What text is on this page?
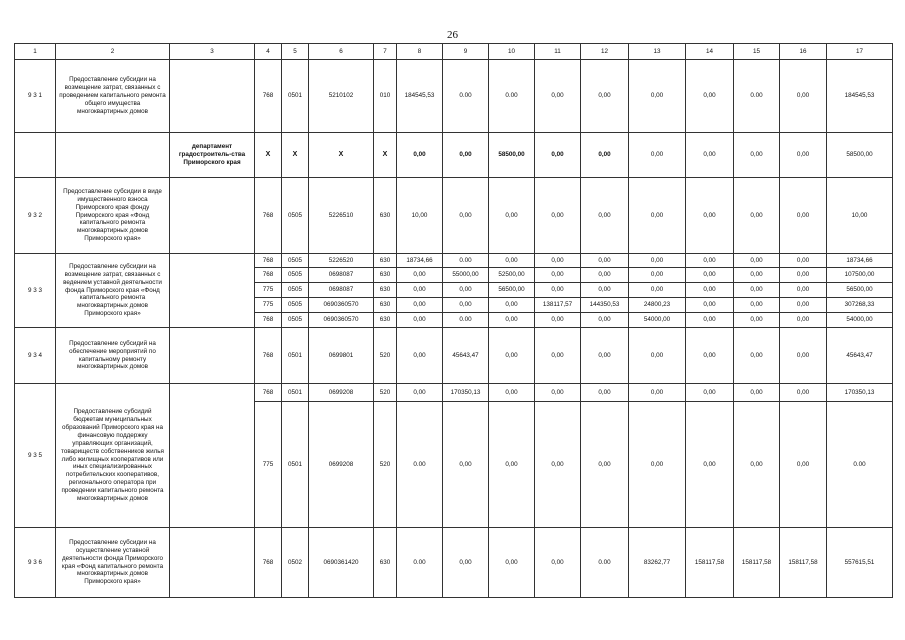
26
1	2	3	4	5	6	7	8	9	10	11	12	13	14	15	16	17
9 3 1	Предоставление субсидии на возмещение затрат, связанных с проведением капитального ремонта общего имущества многоквартирных домов		768	0501	5210102	010	184545,53	0.00	0.00	0,00	0,00	0,00	0,00	0.00	0,00	184545,53
		департамент градостроитель-ства Приморского края	X	X	X	X	0,00	0,00	58500,00	0,00	0,00	0,00	0,00	0,00	0,00	58500,00
9 3 2	Предоставление субсидии в виде имущественного взноса Приморского края фонду Приморского края «Фонд капитального ремонта многоквартирных домов Приморского края»		768	0505	5226510	630	10,00	0,00	0,00	0,00	0,00	0,00	0,00	0,00	0,00	10,00
9 3 3	Предоставление субсидии на возмещение затрат, связанных с ведением уставной деятельности фонда Приморского края «Фонд капитального ремонта многоквартирных домов Приморского края»		768	0505	5226520	630	18734,66	0.00	0,00	0,00	0,00	0,00	0,00	0,00	0,00	18734,66
			768	0505	0698087	630	0,00	55000,00	52500,00	0,00	0,00	0,00	0,00	0,00	0,00	107500,00
			775	0505	0698087	630	0,00	0,00	56500,00	0,00	0,00	0,00	0,00	0,00	0,00	56500,00
			775	0505	0690360570	630	0,00	0,00	0,00	138117,57	144350,53	24800,23	0,00	0,00	0,00	307268,33
			768	0505	0690360570	630	0,00	0.00	0,00	0,00	0,00	54000,00	0,00	0,00	0,00	54000,00
9 3 4	Предоставление субсидий на обеспечение мероприятий по капитальному ремонту многоквартирных домов		768	0501	0699801	520	0,00	45643,47	0,00	0,00	0,00	0,00	0,00	0,00	0,00	45643,47
9 3 5	Предоставление субсидий бюджетам муниципальных образований Приморского края на финансовую поддержку управляющих организаций, товариществ собственников жилья либо жилищных кооперативов или иных специализированных потребительских кооперативов, регионального оператора при проведении капитального ремонта многоквартирных домов		768	0501	0699208	520	0,00	170350,13	0,00	0,00	0,00	0,00	0,00	0,00	0,00	170350,13
			775	0501	0699208	520	0.00	0,00	0,00	0,00	0,00	0,00	0,00	0,00	0,00	0.00
9 3 6	Предоставление субсидии на осуществление уставной деятельности фонда Приморского края «Фонд капитального ремонта многоквартирных домов Приморского края»		768	0502	0690361420	630	0.00	0,00	0,00	0,00	0.00	83262,77	158117,58	158117,58	158117,58	557615,51
